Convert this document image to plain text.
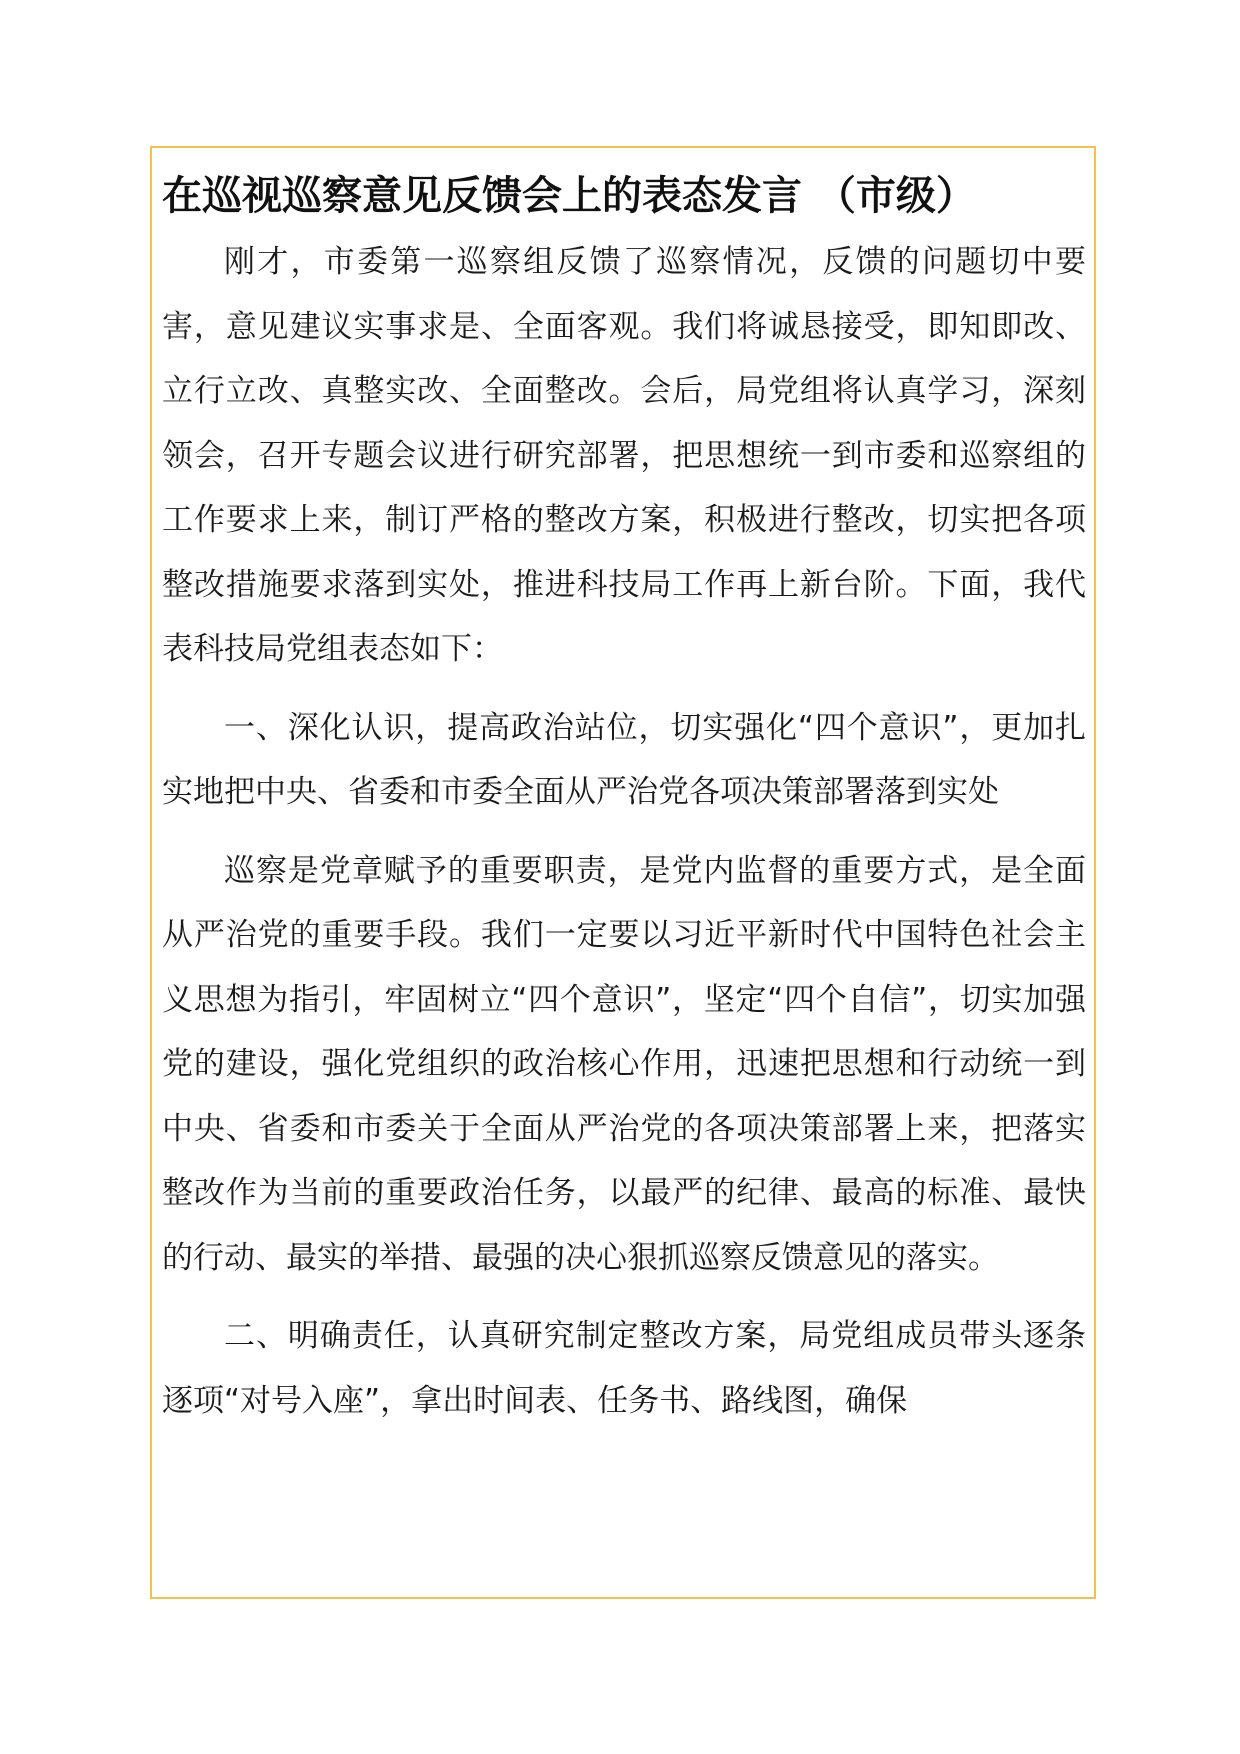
在巡视巡察意见反馈会上的表态发言 （市级）

刚才，市委第一巡察组反馈了巡察情况，反馈的问题切中要害，意见建议实事求是、全面客观。我们将诚恳接受，即知即改、立行立改、真整实改、全面整改。会后，局党组将认真学习，深刻领会，召开专题会议进行研究部署，把思想统一到市委和巡察组的工作要求上来，制订严格的整改方案，积极进行整改，切实把各项整改措施要求落到实处，推进科技局工作再上新台阶。下面，我代表科技局党组表态如下：

一、深化认识，提高政治站位，切实强化“四个意识”，更加扎实地把中央、省委和市委全面从严治党各项决策部署落到实处

巡察是党章赋予的重要职责，是党内监督的重要方式，是全面从严治党的重要手段。我们一定要以习近平新时代中国特色社会主义思想为指引，牢固树立“四个意识”，坚定“四个自信”，切实加强党的建设，强化党组织的政治核心作用，迅速把思想和行动统一到中央、省委和市委关于全面从严治党的各项决策部署上来，把落实整改作为当前的重要政治任务，以最严的纪律、最高的标准、最快的行动、最实的举措、最强的决心狠抓巡察反馈意见的落实。

二、明确责任，认真研究制定整改方案，局党组成员带头逐条逐项“对号入座”，拿出时间表、任务书、路线图，确保
